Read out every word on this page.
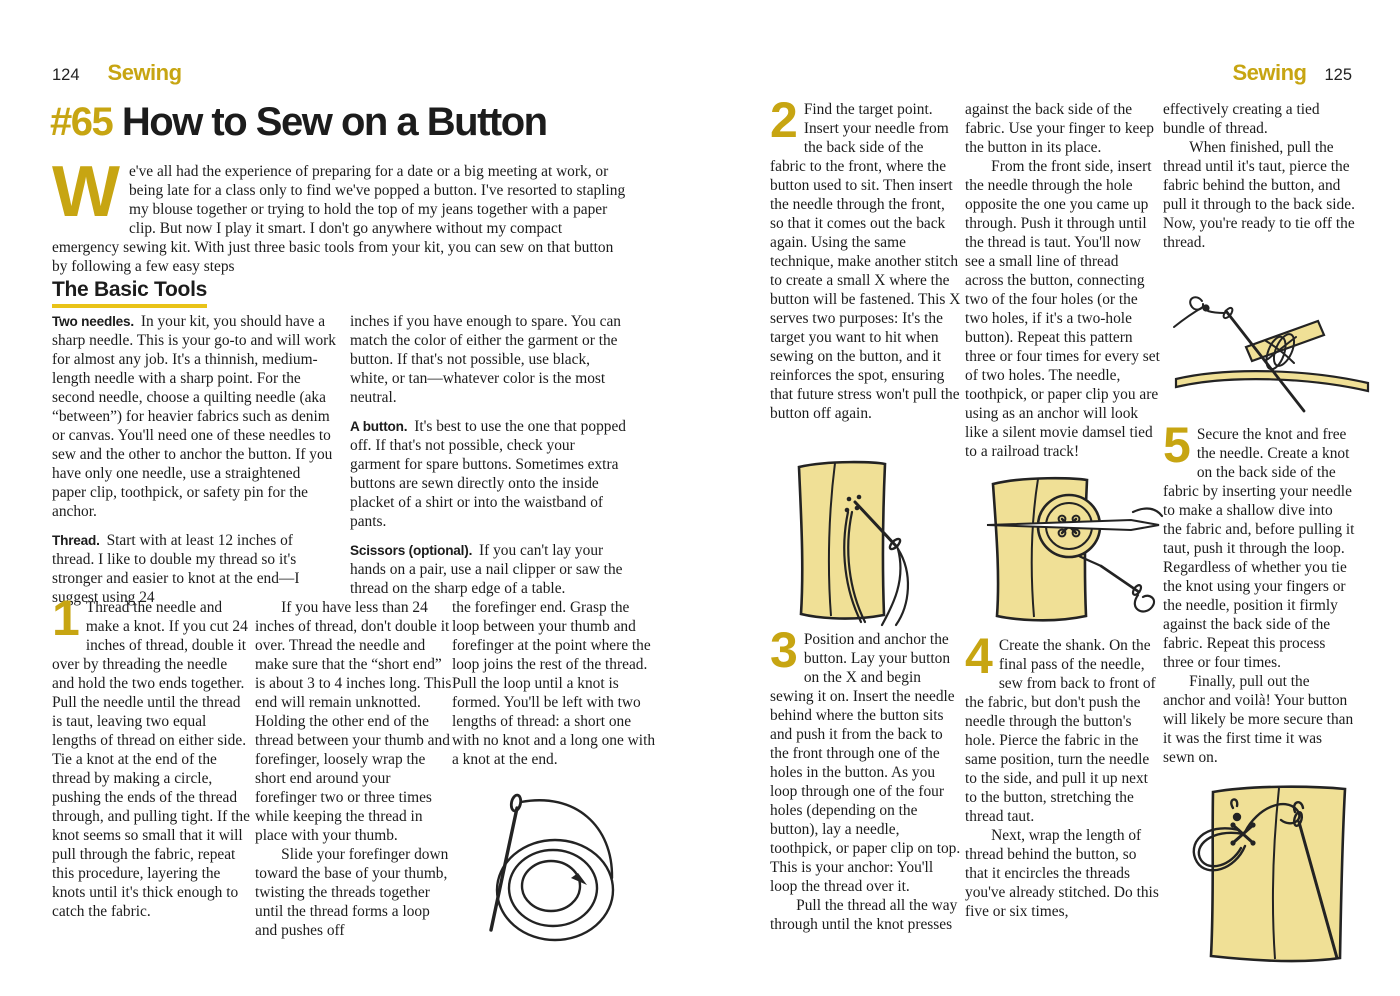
124 Sewing
#65 How to Sew on a Button
We've all had the experience of preparing for a date or a big meeting at work, or being late for a class only to find we've popped a button. I've resorted to stapling my blouse together or trying to hold the top of my jeans together with a paper clip. But now I play it smart. I don't go anywhere without my compact emergency sewing kit. With just three basic tools from your kit, you can sew on that button by following a few easy steps
The Basic Tools

Two needles. In your kit, you should have a sharp needle. This is your go-to and will work for almost any job. It's a thinnish, medium-length needle with a sharp point. For the second needle, choose a quilting needle (aka “between”) for heavier fabrics such as denim or canvas. You'll need one of these needles to sew and the other to anchor the button. If you have only one needle, use a straightened paper clip, toothpick, or safety pin for the anchor.

Thread. Start with at least 12 inches of thread. I like to double my thread so it's stronger and easier to knot at the end—I suggest using 24

inches if you have enough to spare. You can match the color of either the garment or the button. If that's not possible, use black, white, or tan—whatever color is the most neutral.

A button. It's best to use the one that popped off. If that's not possible, check your garment for spare buttons. Sometimes extra buttons are sewn directly onto the inside placket of a shirt or into the waistband of pants.

Scissors (optional). If you can't lay your hands on a pair, use a nail clipper or saw the thread on the sharp edge of a table.

1 Thread the needle and make a knot. If you cut 24 inches of thread, double it over by threading the needle and hold the two ends together. Pull the needle until the thread is taut, leaving two equal lengths of thread on either side. Tie a knot at the end of the thread by making a circle, pushing the ends of the thread through, and pulling tight. If the knot seems so small that it will pull through the fabric, repeat this procedure, layering the knots until it's thick enough to catch the fabric.

If you have less than 24 inches of thread, don't double it over. Thread the needle and make sure that the “short end” is about 3 to 4 inches long. This end will remain unknotted. Holding the other end of the thread between your thumb and forefinger, loosely wrap the short end around your forefinger two or three times while keeping the thread in place with your thumb.

Slide your forefinger down toward the base of your thumb, twisting the threads together until the thread forms a loop and pushes off

the forefinger end. Grasp the loop between your thumb and forefinger at the point where the loop joins the rest of the thread. Pull the loop until a knot is formed. You'll be left with two lengths of thread: a short one with no knot and a long one with a knot at the end.

Sewing 125
2 Find the target point. Insert your needle from the back side of the fabric to the front, where the button used to sit. Then insert the needle through the front, so that it comes out the back again. Using the same technique, make another stitch to create a small X where the button will be fastened. This X serves two purposes: It's the target you want to hit when sewing on the button, and it reinforces the spot, ensuring that future stress won't pull the button off again.
3 Position and anchor the button. Lay your button on the X and begin sewing it on. Insert the needle behind where the button sits and push it from the back to the front through one of the holes in the button. As you loop through one of the four holes (depending on the button), lay a needle, toothpick, or paper clip on top. This is your anchor: You'll loop the thread over it.

Pull the thread all the way through until the knot presses

against the back side of the fabric. Use your finger to keep the button in its place.

From the front side, insert the needle through the hole opposite the one you came up through. Push it through until the thread is taut. You'll now see a small line of thread across the button, connecting two of the four holes (or the two holes, if it's a two-hole button). Repeat this pattern three or four times for every set of two holes. The needle, toothpick, or paper clip you are using as an anchor will look like a silent movie damsel tied to a railroad track!

4 Create the shank. On the final pass of the needle, sew from back to front of the fabric, but don't push the needle through the button's hole. Pierce the fabric in the same position, turn the needle to the side, and pull it up next to the button, stretching the thread taut.

Next, wrap the length of thread behind the button, so that it encircles the threads you've already stitched. Do this five or six times,

effectively creating a tied bundle of thread.

When finished, pull the thread until it's taut, pierce the fabric behind the button, and pull it through to the back side. Now, you're ready to tie off the thread.

5 Secure the knot and free the needle. Create a knot on the back side of the fabric by inserting your needle to make a shallow dive into the fabric and, before pulling it taut, push it through the loop. Regardless of whether you tie the knot using your fingers or the needle, position it firmly against the back side of the fabric. Repeat this process three or four times.

Finally, pull out the anchor and voilà! Your button will likely be more secure than it was the first time it was sewn on.
